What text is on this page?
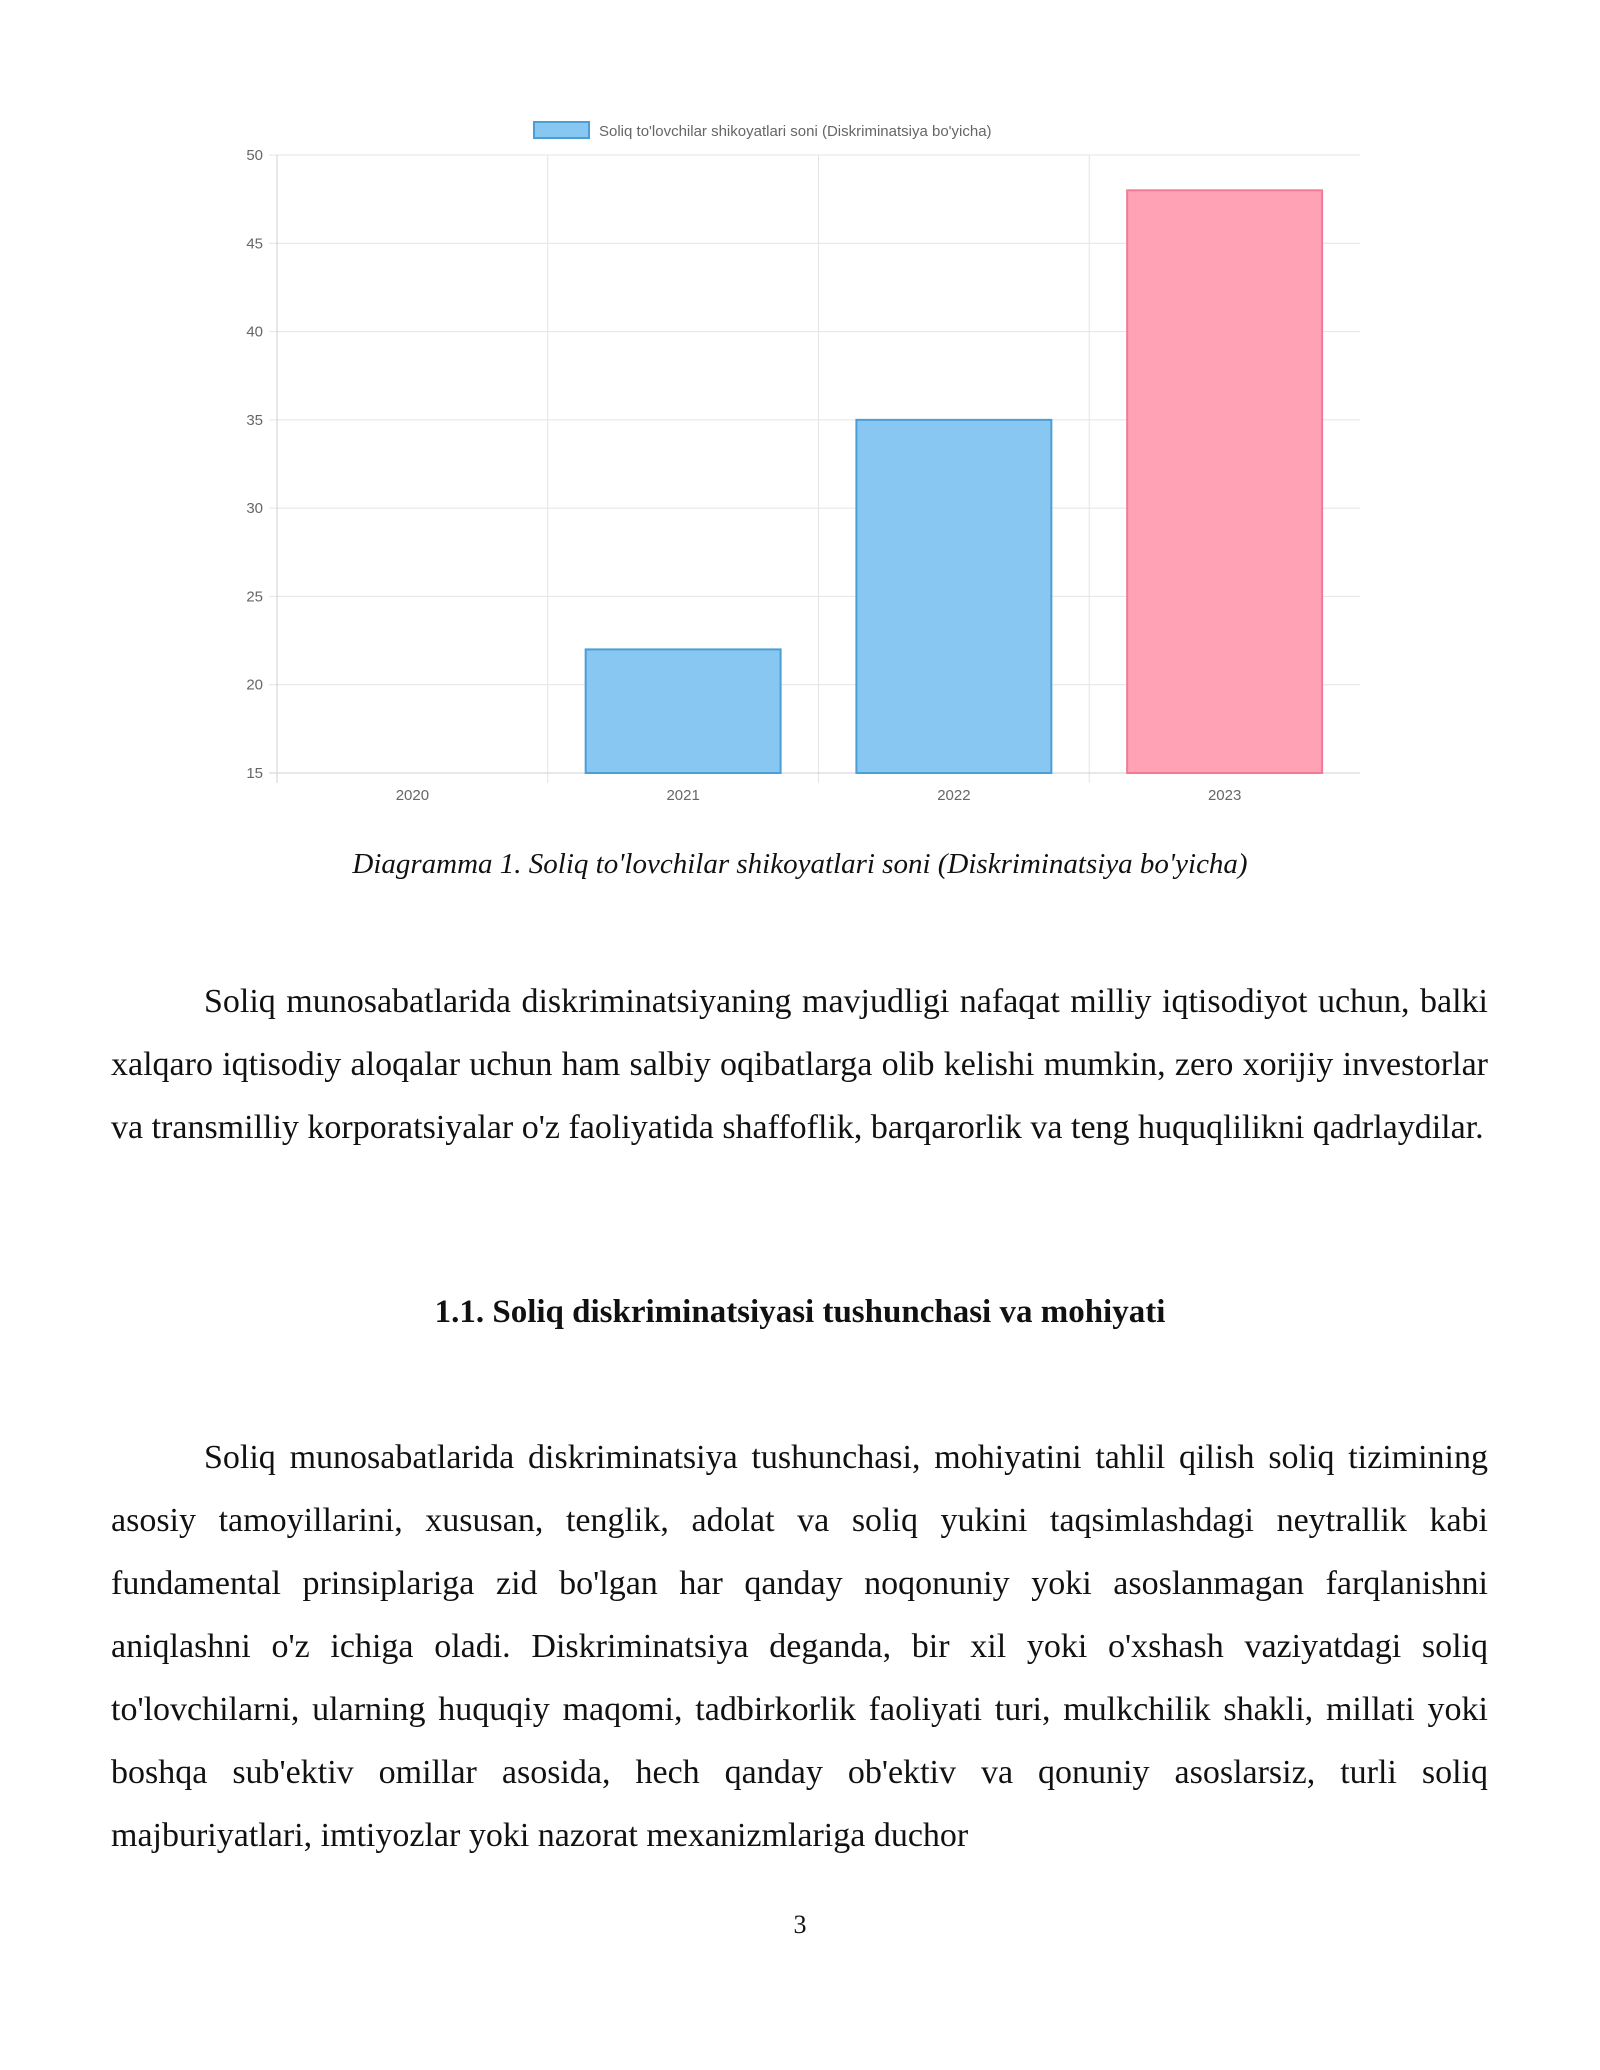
15
20
25
30
35
40
45
50
2020	2021	2022	2023
Soliq to'lovchilar shikoyatlari soni (Diskriminatsiya bo'yicha)
Diagramma 1. Soliq to'lovchilar shikoyatlari soni (Diskriminatsiya bo'yicha)

Soliq munosabatlarida diskriminatsiyaning mavjudligi nafaqat milliy iqtisodiyot uchun, balki xalqaro iqtisodiy aloqalar uchun ham salbiy oqibatlarga olib kelishi mumkin, zero xorijiy investorlar va transmilliy korporatsiyalar o'z faoliyatida shaffoflik, barqarorlik va teng huquqlilikni qadrlaydilar.

1.1. Soliq diskriminatsiyasi tushunchasi va mohiyati

Soliq munosabatlarida diskriminatsiya tushunchasi, mohiyatini tahlil qilish soliq tizimining asosiy tamoyillarini, xususan, tenglik, adolat va soliq yukini taqsimlashdagi neytrallik kabi fundamental prinsiplariga zid bo'lgan har qanday noqonuniy yoki asoslanmagan farqlanishni aniqlashni o'z ichiga oladi. Diskriminatsiya deganda, bir xil yoki o'xshash vaziyatdagi soliq to'lovchilarni, ularning huquqiy maqomi, tadbirkorlik faoliyati turi, mulkchilik shakli, millati yoki boshqa sub'ektiv omillar asosida, hech qanday ob'ektiv va qonuniy asoslarsiz, turli soliq majburiyatlari, imtiyozlar yoki nazorat mexanizmlariga duchor

3
